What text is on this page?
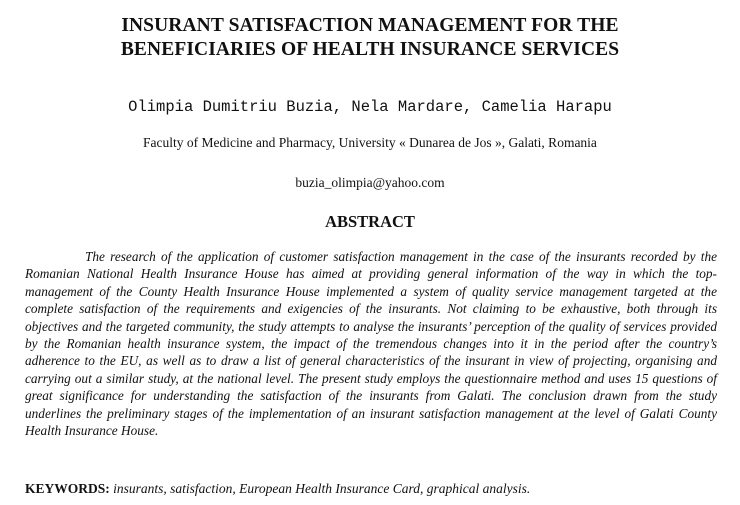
INSURANT SATISFACTION MANAGEMENT FOR THE
BENEFICIARIES OF HEALTH INSURANCE SERVICES
Olimpia Dumitriu Buzia, Nela Mardare, Camelia Harapu
Faculty of Medicine and Pharmacy, University « Dunarea de Jos », Galati, Romania
buzia_olimpia@yahoo.com
ABSTRACT

The research of the application of customer satisfaction management in the case of the insurants recorded by the Romanian National Health Insurance House has aimed at providing general information of the way in which the top-management of the County Health Insurance House implemented a system of quality service management targeted at the complete satisfaction of the requirements and exigencies of the insurants. Not claiming to be exhaustive, both through its objectives and the targeted community, the study attempts to analyse the insurants’ perception of the quality of services provided by the Romanian health insurance system, the impact of the tremendous changes into it in the period after the country’s adherence to the EU, as well as to draw a list of general characteristics of the insurant in view of projecting, organising and carrying out a similar study, at the national level. The present study employs the questionnaire method and uses 15 questions of great significance for understanding the satisfaction of the insurants from Galati. The conclusion drawn from the study underlines the preliminary stages of the implementation of an insurant satisfaction management at the level of Galati County Health Insurance House.

KEYWORDS: insurants, satisfaction, European Health Insurance Card, graphical analysis.
